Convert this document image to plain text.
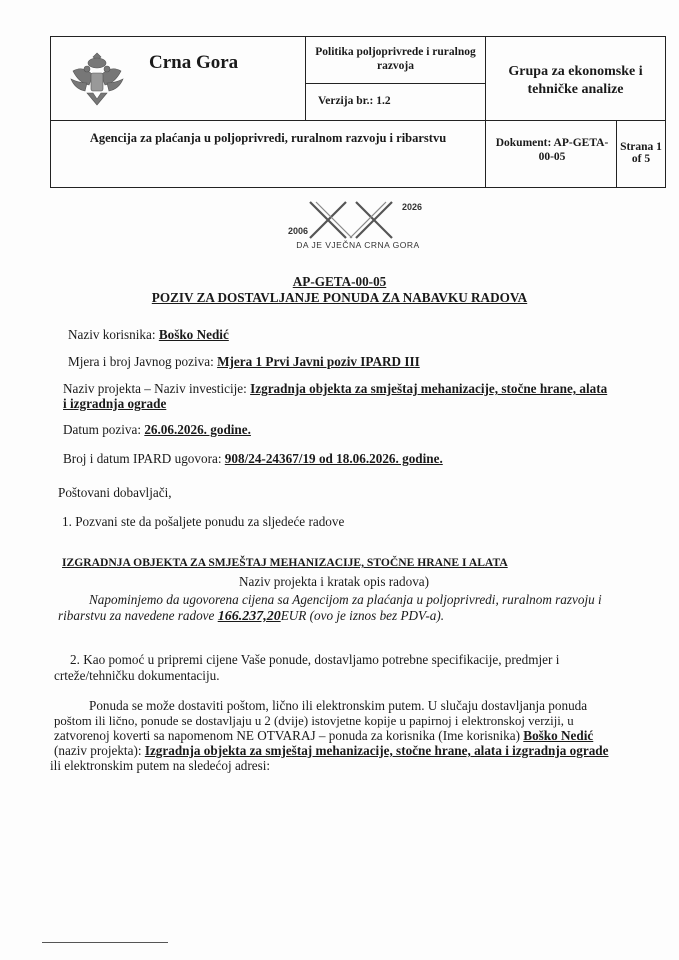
Crna Gora	Politika poljoprivrede i ruralnog razvoja
Verzija br.: 1.2
Grupa za ekonomske i tehničke analize
Agencija za plaćanja u poljoprivredi, ruralnom razvoju i ribarstvu	Dokument: AP-GETA-00-05
Strana 1 of 5
2006
2026
DA JE VJEČNA CRNA GORA
AP-GETA-00-05
POZIV ZA DOSTAVLJANJE PONUDA ZA NABAVKU RADOVA
Naziv korisnika: Boško Nedić
Mjera i broj Javnog poziva: Mjera 1 Prvi Javni poziv IPARD III
Naziv projekta – Naziv investicije: Izgradnja objekta za smještaj mehanizacije, stočne hrane, alata
i izgradnja ograde
Datum poziva: 26.06.2026. godine.
Broj i datum IPARD ugovora: 908/24-24367/19 od 18.06.2026. godine.
Poštovani dobavljači,
1. Pozvani ste da pošaljete ponudu za sljedeće radove
IZGRADNJA OBJEKTA ZA SMJEŠTAJ MEHANIZACIJE, STOČNE HRANE I ALATA
Naziv projekta i kratak opis radova)
Napominjemo da ugovorena cijena sa Agencijom za plaćanja u poljoprivredi, ruralnom razvoju i
ribarstvu za navedene radove 166.237,20EUR (ovo je iznos bez PDV-a).
2. Kao pomoć u pripremi cijene Vaše ponude, dostavljamo potrebne specifikacije, predmjer i
crteže/tehničku dokumentaciju.
Ponuda se može dostaviti poštom, lično ili elektronskim putem. U slučaju dostavljanja ponuda
poštom ili lično, ponude se dostavljaju u 2 (dvije) istovjetne kopije u papirnoj i elektronskoj verziji, u
zatvorenoj koverti sa napomenom NE OTVARAJ – ponuda za korisnika (Ime korisnika) Boško Nedić
(naziv projekta): Izgradnja objekta za smještaj mehanizacije, stočne hrane, alata i izgradnja ograde
ili elektronskim putem na sledećoj adresi:
